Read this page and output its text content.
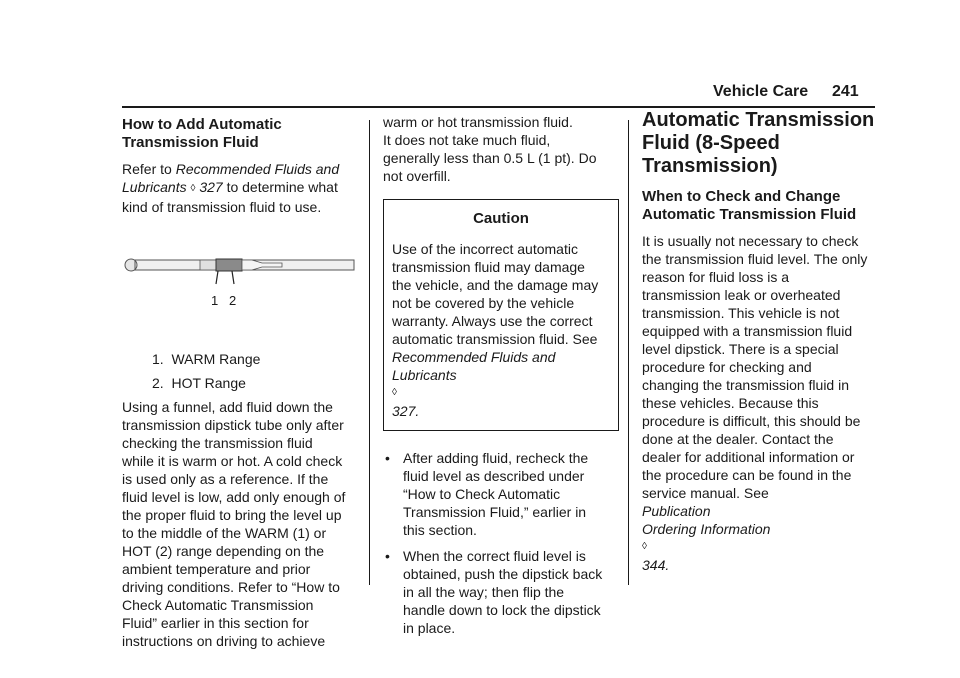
Vehicle Care 241
How to Add Automatic
Transmission Fluid

Refer to Recommended Fluids and
Lubricants ◊ 327 to determine what
kind of transmission fluid to use.

1 2
1. WARM Range
2. HOT Range
Using a funnel, add fluid down the
transmission dipstick tube only after
checking the transmission fluid
while it is warm or hot. A cold check
is used only as a reference. If the
fluid level is low, add only enough of
the proper fluid to bring the level up
to the middle of the WARM (1) or
HOT (2) range depending on the
ambient temperature and prior
driving conditions. Refer to “How to
Check Automatic Transmission
Fluid” earlier in this section for
instructions on driving to achieve
warm or hot transmission fluid.
It does not take much fluid,
generally less than 0.5 L (1 pt). Do
not overfill.
Caution
Use of the incorrect automatic
transmission fluid may damage
the vehicle, and the damage may
not be covered by the vehicle
warranty. Always use the correct
automatic transmission fluid. See
Recommended Fluids and
Lubricants
◊
327.
• After adding fluid, recheck the
fluid level as described under
“How to Check Automatic
Transmission Fluid,” earlier in
this section.
• When the correct fluid level is
obtained, push the dipstick back
in all the way; then flip the
handle down to lock the dipstick
in place.
Automatic Transmission
Fluid (8-Speed
Transmission)
When to Check and Change
Automatic Transmission Fluid
It is usually not necessary to check
the transmission fluid level. The only
reason for fluid loss is a
transmission leak or overheated
transmission. This vehicle is not
equipped with a transmission fluid
level dipstick. There is a special
procedure for checking and
changing the transmission fluid in
these vehicles. Because this
procedure is difficult, this should be
done at the dealer. Contact the
dealer for additional information or
the procedure can be found in the
service manual. See
Publication
Ordering Information
◊
344.
